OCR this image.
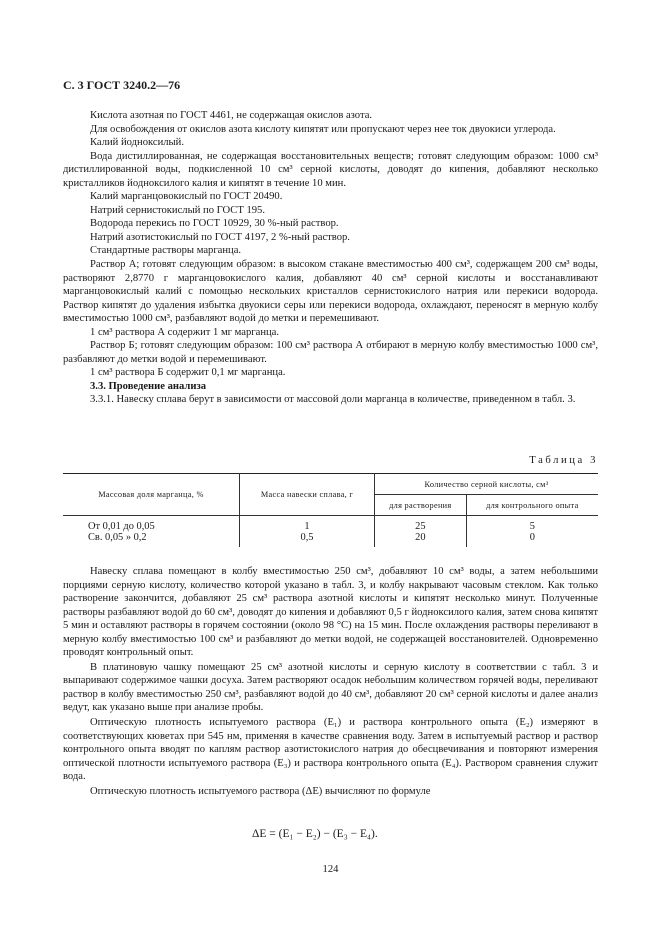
С. 3 ГОСТ 3240.2—76

Кислота азотная по ГОСТ 4461, не содержащая окислов азота.

Для освобождения от окислов азота кислоту кипятят или пропускают через нее ток двуокиси углерода.

Калий йодноксилый.

Вода дистиллированная, не содержащая восстановительных веществ; готовят следующим образом: 1000 см³ дистиллированной воды, подкисленной 10 см³ серной кислоты, доводят до кипения, добавляют несколько кристалликов йодноксилого калия и кипятят в течение 10 мин.

Калий марганцовокислый по ГОСТ 20490.

Натрий сернистокислый по ГОСТ 195.

Водорода перекись по ГОСТ 10929, 30 %-ный раствор.

Натрий азотистокислый по ГОСТ 4197, 2 %-ный раствор.

Стандартные растворы марганца.

Раствор А; готовят следующим образом: в высоком стакане вместимостью 400 см³, содержащем 200 см³ воды, растворяют 2,8770 г марганцовокислого калия, добавляют 40 см³ серной кислоты и восстанавливают марганцовокислый калий с помощью нескольких кристаллов сернистокислого натрия или перекиси водорода. Раствор кипятят до удаления избытка двуокиси серы или перекиси водорода, охлаждают, переносят в мерную колбу вместимостью 1000 см³, разбавляют водой до метки и перемешивают.

1 см³ раствора А содержит 1 мг марганца.

Раствор Б; готовят следующим образом: 100 см³ раствора А отбирают в мерную колбу вместимостью 1000 см³, разбавляют до метки водой и перемешивают.

1 см³ раствора Б содержит 0,1 мг марганца.

3.3. Проведение анализа

3.3.1. Навеску сплава берут в зависимости от массовой доли марганца в количестве, приведенном в табл. 3.

Таблица 3
Массовая доля марганца, %	Масса навески сплава, г	Количество серной кислоты, см³	
		для растворения	для контрольного опыта
От 0,01 до 0,05	1	25	5
Св. 0,05 » 0,2	0,5	20	0

Навеску сплава помещают в колбу вместимостью 250 см³, добавляют 10 см³ воды, а затем небольшими порциями серную кислоту, количество которой указано в табл. 3, и колбу накрывают часовым стеклом. Как только растворение закончится, добавляют 25 см³ раствора азотной кислоты и кипятят несколько минут. Полученные растворы разбавляют водой до 60 см³, доводят до кипения и добавляют 0,5 г йодноксилого калия, затем снова кипятят 5 мин и оставляют растворы в горячем состоянии (около 98 °С) на 15 мин. После охлаждения растворы переливают в мерную колбу вместимостью 100 см³ и разбавляют до метки водой, не содержащей восстановителей. Одновременно проводят контрольный опыт.

В платиновую чашку помещают 25 см³ азотной кислоты и серную кислоту в соответствии с табл. 3 и выпаривают содержимое чашки досуха. Затем растворяют осадок небольшим количеством горячей воды, переливают раствор в колбу вместимостью 250 см³, разбавляют водой до 40 см³, добавляют 20 см³ серной кислоты и далее анализ ведут, как указано выше при анализе пробы.

Оптическую плотность испытуемого раствора (E₁) и раствора контрольного опыта (E₂) измеряют в соответствующих кюветах при 545 нм, применяя в качестве сравнения воду. Затем в испытуемый раствор и раствор контрольного опыта вводят по каплям раствор азотистокислого натрия до обесцвечивания и повторяют измерения оптической плотности испытуемого раствора (E₃) и раствора контрольного опыта (E₄). Раствором сравнения служит вода.

Оптическую плотность испытуемого раствора (ΔE) вычисляют по формуле

ΔE = (E₁ − E₂) − (E₃ − E₄).
124
